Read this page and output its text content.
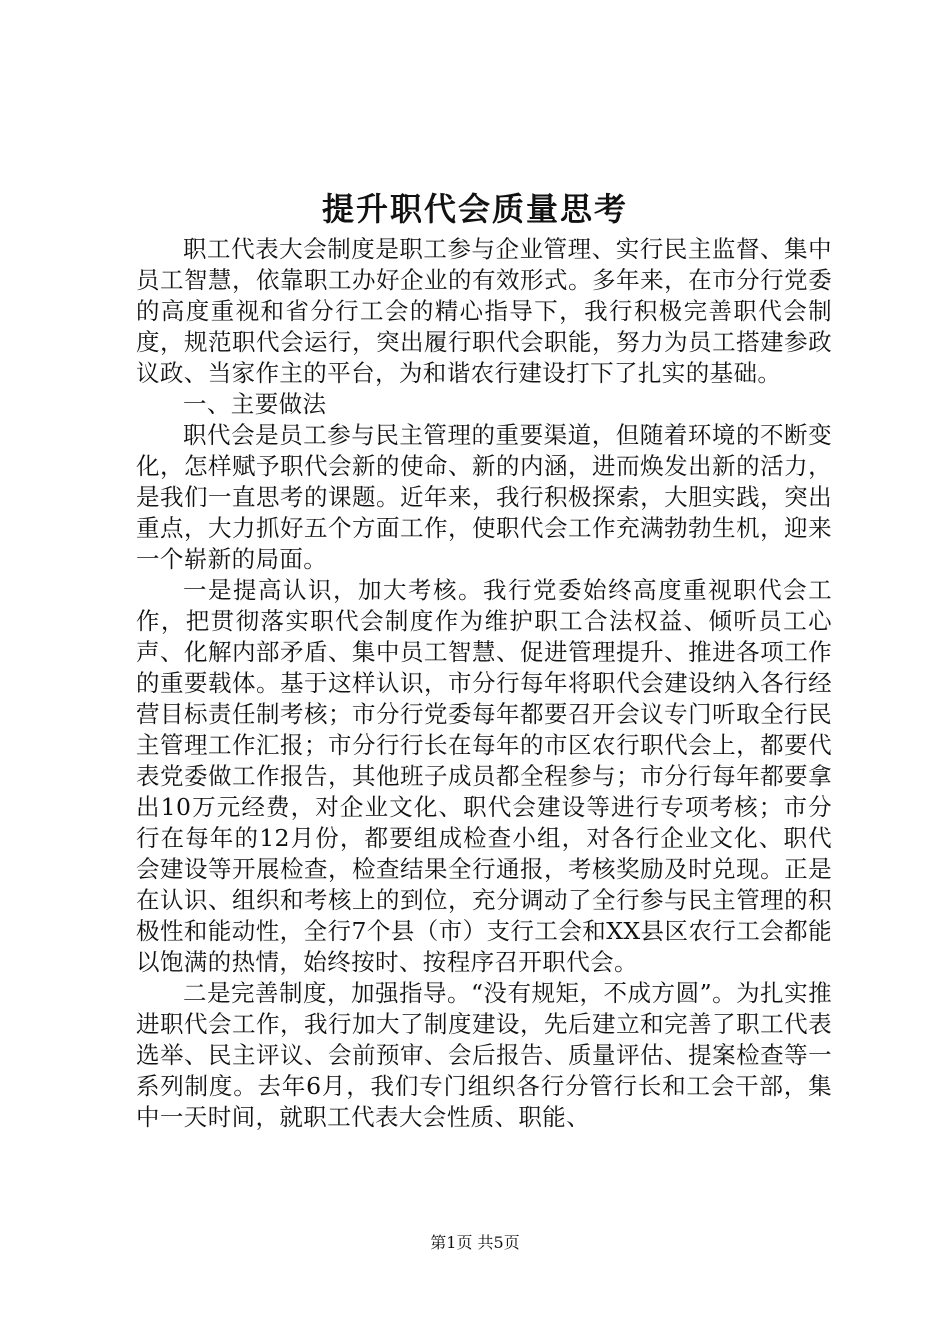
提升职代会质量思考

职工代表大会制度是职工参与企业管理、实行民主监督、集中员工智慧，依靠职工办好企业的有效形式。多年来，在市分行党委的高度重视和省分行工会的精心指导下，我行积极完善职代会制度，规范职代会运行，突出履行职代会职能，努力为员工搭建参政议政、当家作主的平台，为和谐农行建设打下了扎实的基础。

一、主要做法

职代会是员工参与民主管理的重要渠道，但随着环境的不断变化，怎样赋予职代会新的使命、新的内涵，进而焕发出新的活力，是我们一直思考的课题。近年来，我行积极探索，大胆实践，突出重点，大力抓好五个方面工作，使职代会工作充满勃勃生机，迎来一个崭新的局面。

一是提高认识，加大考核。我行党委始终高度重视职代会工作，把贯彻落实职代会制度作为维护职工合法权益、倾听员工心声、化解内部矛盾、集中员工智慧、促进管理提升、推进各项工作的重要载体。基于这样认识，市分行每年将职代会建设纳入各行经营目标责任制考核；市分行党委每年都要召开会议专门听取全行民主管理工作汇报；市分行行长在每年的市区农行职代会上，都要代表党委做工作报告，其他班子成员都全程参与；市分行每年都要拿出10万元经费，对企业文化、职代会建设等进行专项考核；市分行在每年的12月份，都要组成检查小组，对各行企业文化、职代会建设等开展检查，检查结果全行通报，考核奖励及时兑现。正是在认识、组织和考核上的到位，充分调动了全行参与民主管理的积极性和能动性，全行7个县（市）支行工会和XX县区农行工会都能以饱满的热情，始终按时、按程序召开职代会。

二是完善制度，加强指导。“没有规矩，不成方圆”。为扎实推进职代会工作，我行加大了制度建设，先后建立和完善了职工代表选举、民主评议、会前预审、会后报告、质量评估、提案检查等一系列制度。去年6月，我们专门组织各行分管行长和工会干部，集中一天时间，就职工代表大会性质、职能、

第1页 共5页
